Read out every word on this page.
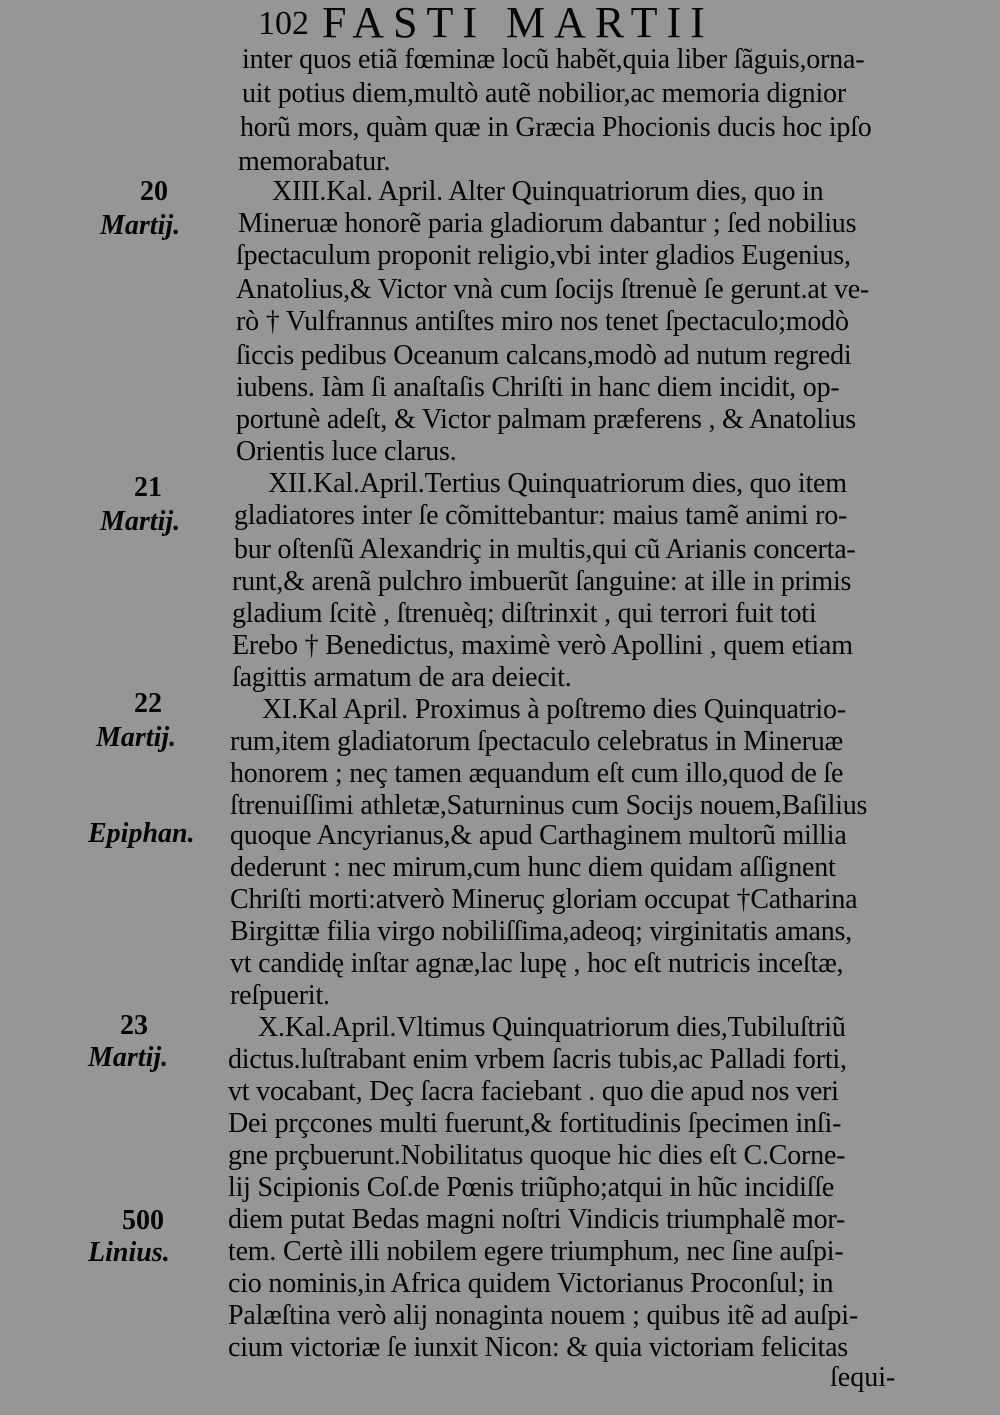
102 FASTI MARTII
20
Martij.
21
Martij.
22
Martij.
Epiphan.
23
Martij.
500
Linius.
inter quos etiã fœminæ locũ habẽt,quia liber ſãguis,orna-
uit potius diem,multò autẽ nobilior,ac memoria dignior
horũ mors, quàm quæ in Græcia Phocionis ducis hoc ipſo
memorabatur.
XIII.Kal. April. Alter Quinquatriorum dies, quo in
Mineruæ honorẽ paria gladiorum dabantur ; ſed nobilius
ſpectaculum proponit religio,vbi inter gladios Eugenius,
Anatolius,& Victor vnà cum ſocijs ſtrenuè ſe gerunt.at ve-
rò † Vulfrannus antiſtes miro nos tenet ſpectaculo;modò
ſiccis pedibus Oceanum calcans,modò ad nutum regredi
iubens. Iàm ſi anaſtaſis Chriſti in hanc diem incidit, op-
portunè adeſt, & Victor palmam præferens , & Anatolius
Orientis luce clarus.
XII.Kal.April.Tertius Quinquatriorum dies, quo item
gladiatores inter ſe cõmittebantur: maius tamẽ animi ro-
bur oſtenſũ Alexandriç in multis,qui cũ Arianis concerta-
runt,& arenã pulchro imbuerũt ſanguine: at ille in primis
gladium ſcitè , ſtrenuèq; diſtrinxit , qui terrori fuit toti
Erebo † Benedictus, maximè verò Apollini , quem etiam
ſagittis armatum de ara deiecit.
XI.Kal April. Proximus à poſtremo dies Quinquatrio-
rum,item gladiatorum ſpectaculo celebratus in Mineruæ
honorem ; neç tamen æquandum eſt cum illo,quod de ſe
ſtrenuiſſimi athletæ,Saturninus cum Socijs nouem,Baſilius
quoque Ancyrianus,& apud Carthaginem multorũ millia
dederunt : nec mirum,cum hunc diem quidam aſſignent
Chriſti morti:atverò Mineruç gloriam occupat †Catharina
Birgittæ filia virgo nobiliſſima,adeoq; virginitatis amans,
vt candidę inſtar agnæ,lac lupę , hoc eſt nutricis inceſtæ,
reſpuerit.
X.Kal.April.Vltimus Quinquatriorum dies,Tubiluſtriũ
dictus.luſtrabant enim vrbem ſacris tubis,ac Palladi forti,
vt vocabant, Deç ſacra faciebant . quo die apud nos veri
Dei prçcones multi fuerunt,& fortitudinis ſpecimen inſi-
gne prçbuerunt.Nobilitatus quoque hic dies eſt C.Corne-
lij Scipionis Coſ.de Pœnis triũpho;atqui in hũc incidiſſe
diem putat Bedas magni noſtri Vindicis triumphalẽ mor-
tem. Certè illi nobilem egere triumphum, nec ſine auſpi-
cio nominis,in Africa quidem Victorianus Proconſul; in
Palæſtina verò alij nonaginta nouem ; quibus itẽ ad auſpi-
cium victoriæ ſe iunxit Nicon: & quia victoriam felicitas
ſequi-
